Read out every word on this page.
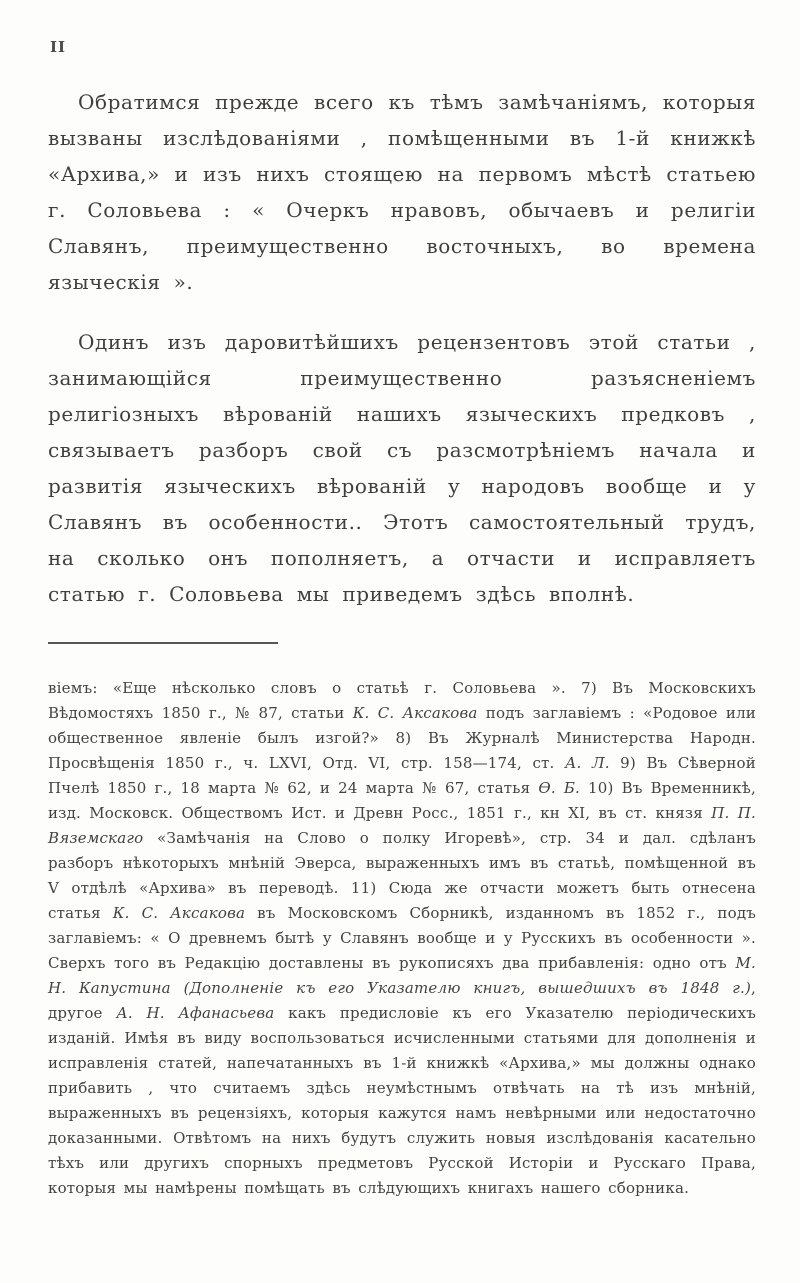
II

Обратимся прежде всего къ тѣмъ замѣчаніямъ, которыя вызваны изслѣдованіями , помѣщенными въ 1-й книжкѣ «Архива,» и изъ нихъ стоящею на первомъ мѣстѣ статьею г. Соловьева : « Очеркъ нравовъ, обычаевъ и религіи Славянъ, преимущественно восточныхъ, во времена языческія ».

Одинъ изъ даровитѣйшихъ рецензентовъ этой статьи , занимающійся преимущественно разъясненіемъ религіозныхъ вѣрованій нашихъ языческихъ предковъ , связываетъ разборъ свой съ разсмотрѣніемъ начала и развитія языческихъ вѣрованій у народовъ вообще и у Славянъ въ особенности.. Этотъ самостоятельный трудъ, на сколько онъ пополняетъ, а отчасти и исправляетъ статью г. Соловьева мы приведемъ здѣсь вполнѣ.

віемъ: «Еще нѣсколько словъ о статьѣ г. Соловьева ». 7) Въ Московскихъ Вѣдомостяхъ 1850 г., № 87, статьи К. С. Аксакова подъ заглавіемъ : «Родовое или общественное явленіе былъ изгой?» 8) Въ Журналѣ Министерства Народн. Просвѣщенія 1850 г., ч. LXVI, Отд. VI, стр. 158—174, ст. А. Л. 9) Въ Сѣверной Пчелѣ 1850 г., 18 марта № 62, и 24 марта № 67, статья Ѳ. Б. 10) Въ Временникѣ, изд. Московск. Обществомъ Ист. и Древн Росс., 1851 г., кн XI, въ ст. князя П. П. Вяземскаго «Замѣчанія на Слово о полку Игоревѣ», стр. 34 и дал. сдѣланъ разборъ нѣкоторыхъ мнѣній Эверса, выраженныхъ имъ въ статьѣ, помѣщенной въ V отдѣлѣ «Архива» въ переводѣ. 11) Сюда же отчасти можетъ быть отнесена статья К. С. Аксакова въ Московскомъ Сборникѣ, изданномъ въ 1852 г., подъ заглавіемъ: « О древнемъ бытѣ у Славянъ вообще и у Русскихъ въ особенности ». Сверхъ того въ Редакцію доставлены въ рукописяхъ два прибавленія: одно отъ М. Н. Капустина (Дополненіе къ его Указателю книгъ, вышедшихъ въ 1848 г.), другое А. Н. Афанасьева какъ предисловіе къ его Указателю періодическихъ изданій. Имѣя въ виду воспользоваться исчисленными статьями для дополненія и исправленія статей, напечатанныхъ въ 1-й книжкѣ «Архива,» мы должны однако прибавить , что считаемъ здѣсь неумѣстнымъ отвѣчать на тѣ изъ мнѣній, выраженныхъ въ рецензіяхъ, которыя кажутся намъ невѣрными или недостаточно доказанными. Отвѣтомъ на нихъ будутъ служить новыя изслѣдованія касательно тѣхъ или другихъ спорныхъ предметовъ Русской Исторіи и Русскаго Права, которыя мы намѣрены помѣщать въ слѣдующихъ книгахъ нашего сборника.
